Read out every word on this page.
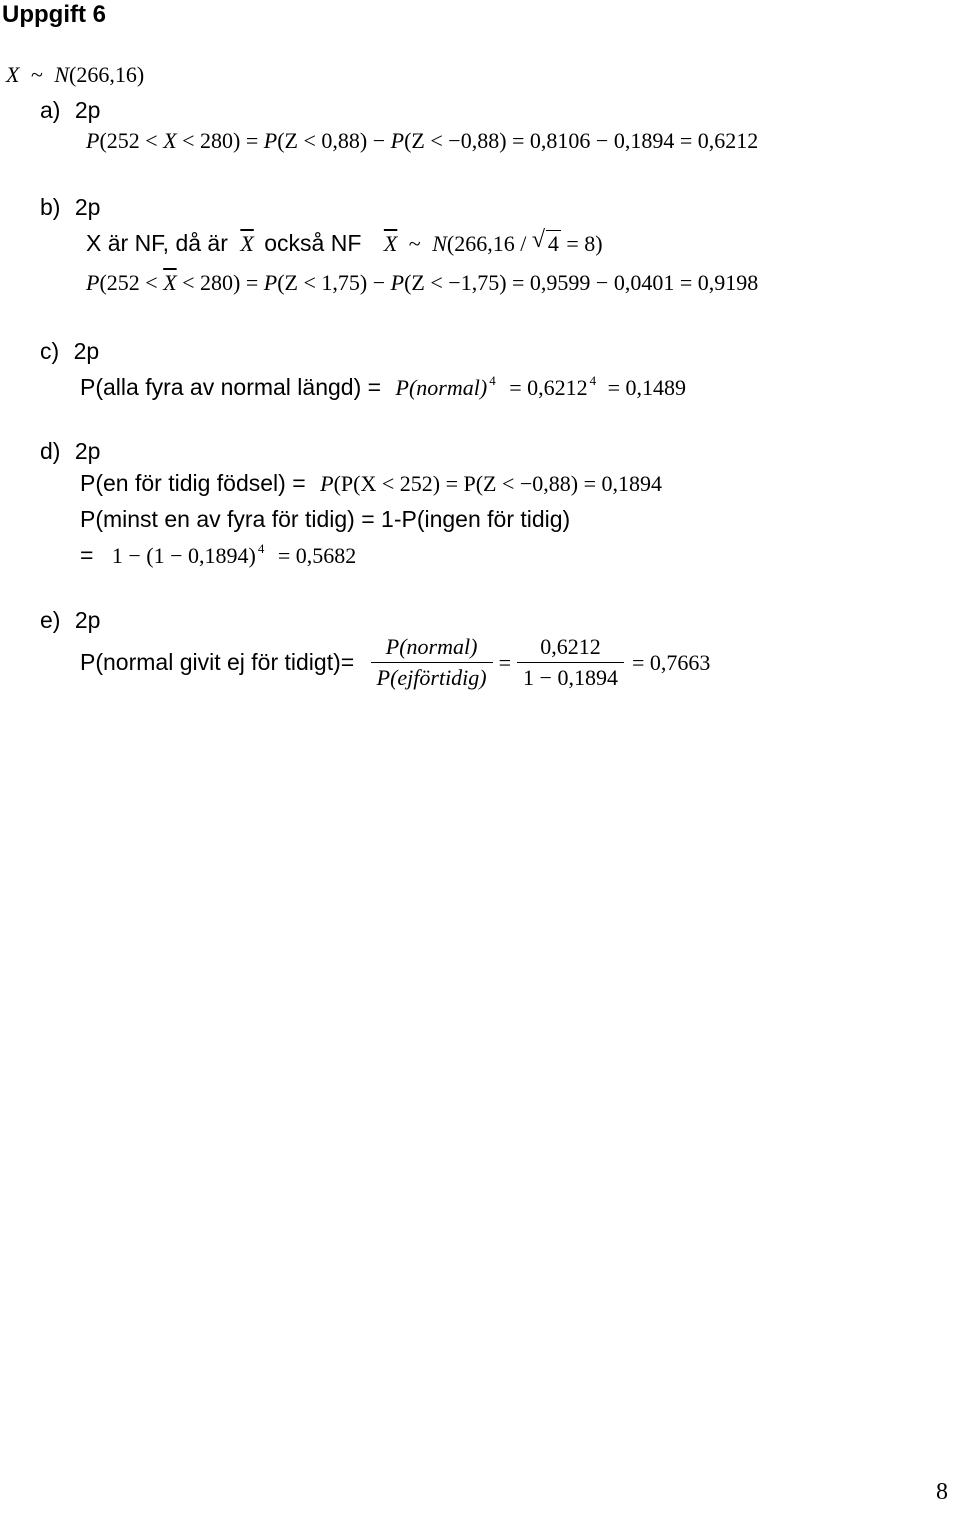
Uppgift 6
X ~ N(266,16)
a) 2p
P(252 < X < 280) = P(Z < 0,88) − P(Z < −0,88) = 0,8106 − 0,1894 = 0,6212
b) 2p
X är NF, då är $\overline{X}$ också NF $\overline{X}$ ~ N(266,16 / √ 4 = 8)
$P(252 < \overline{X} < 280) = P(Z < 1,75) - P(Z < -1,75) = 0,9599 - 0,0401 = 0,9198$
c) 2p
P(alla fyra av normal längd) = P(normal) $^4$ = 0,6212 $^4$ = 0,1489
d) 2p
P(en för tidig födsel) = P(P(X < 252) = P(Z < −0,88) = 0,1894
P(minst en av fyra för tidig) = 1-P(ingen för tidig)
= 1 − (1 − 0,1894) $^4$ = 0,5682
e) 2p
P(normal givit ej för tidigt)= $\frac{\text{P(normal)}}{\text{P(ejförtidig)}} = \frac{0,6212}{1 - 0,1894} = 0,7663$
8
